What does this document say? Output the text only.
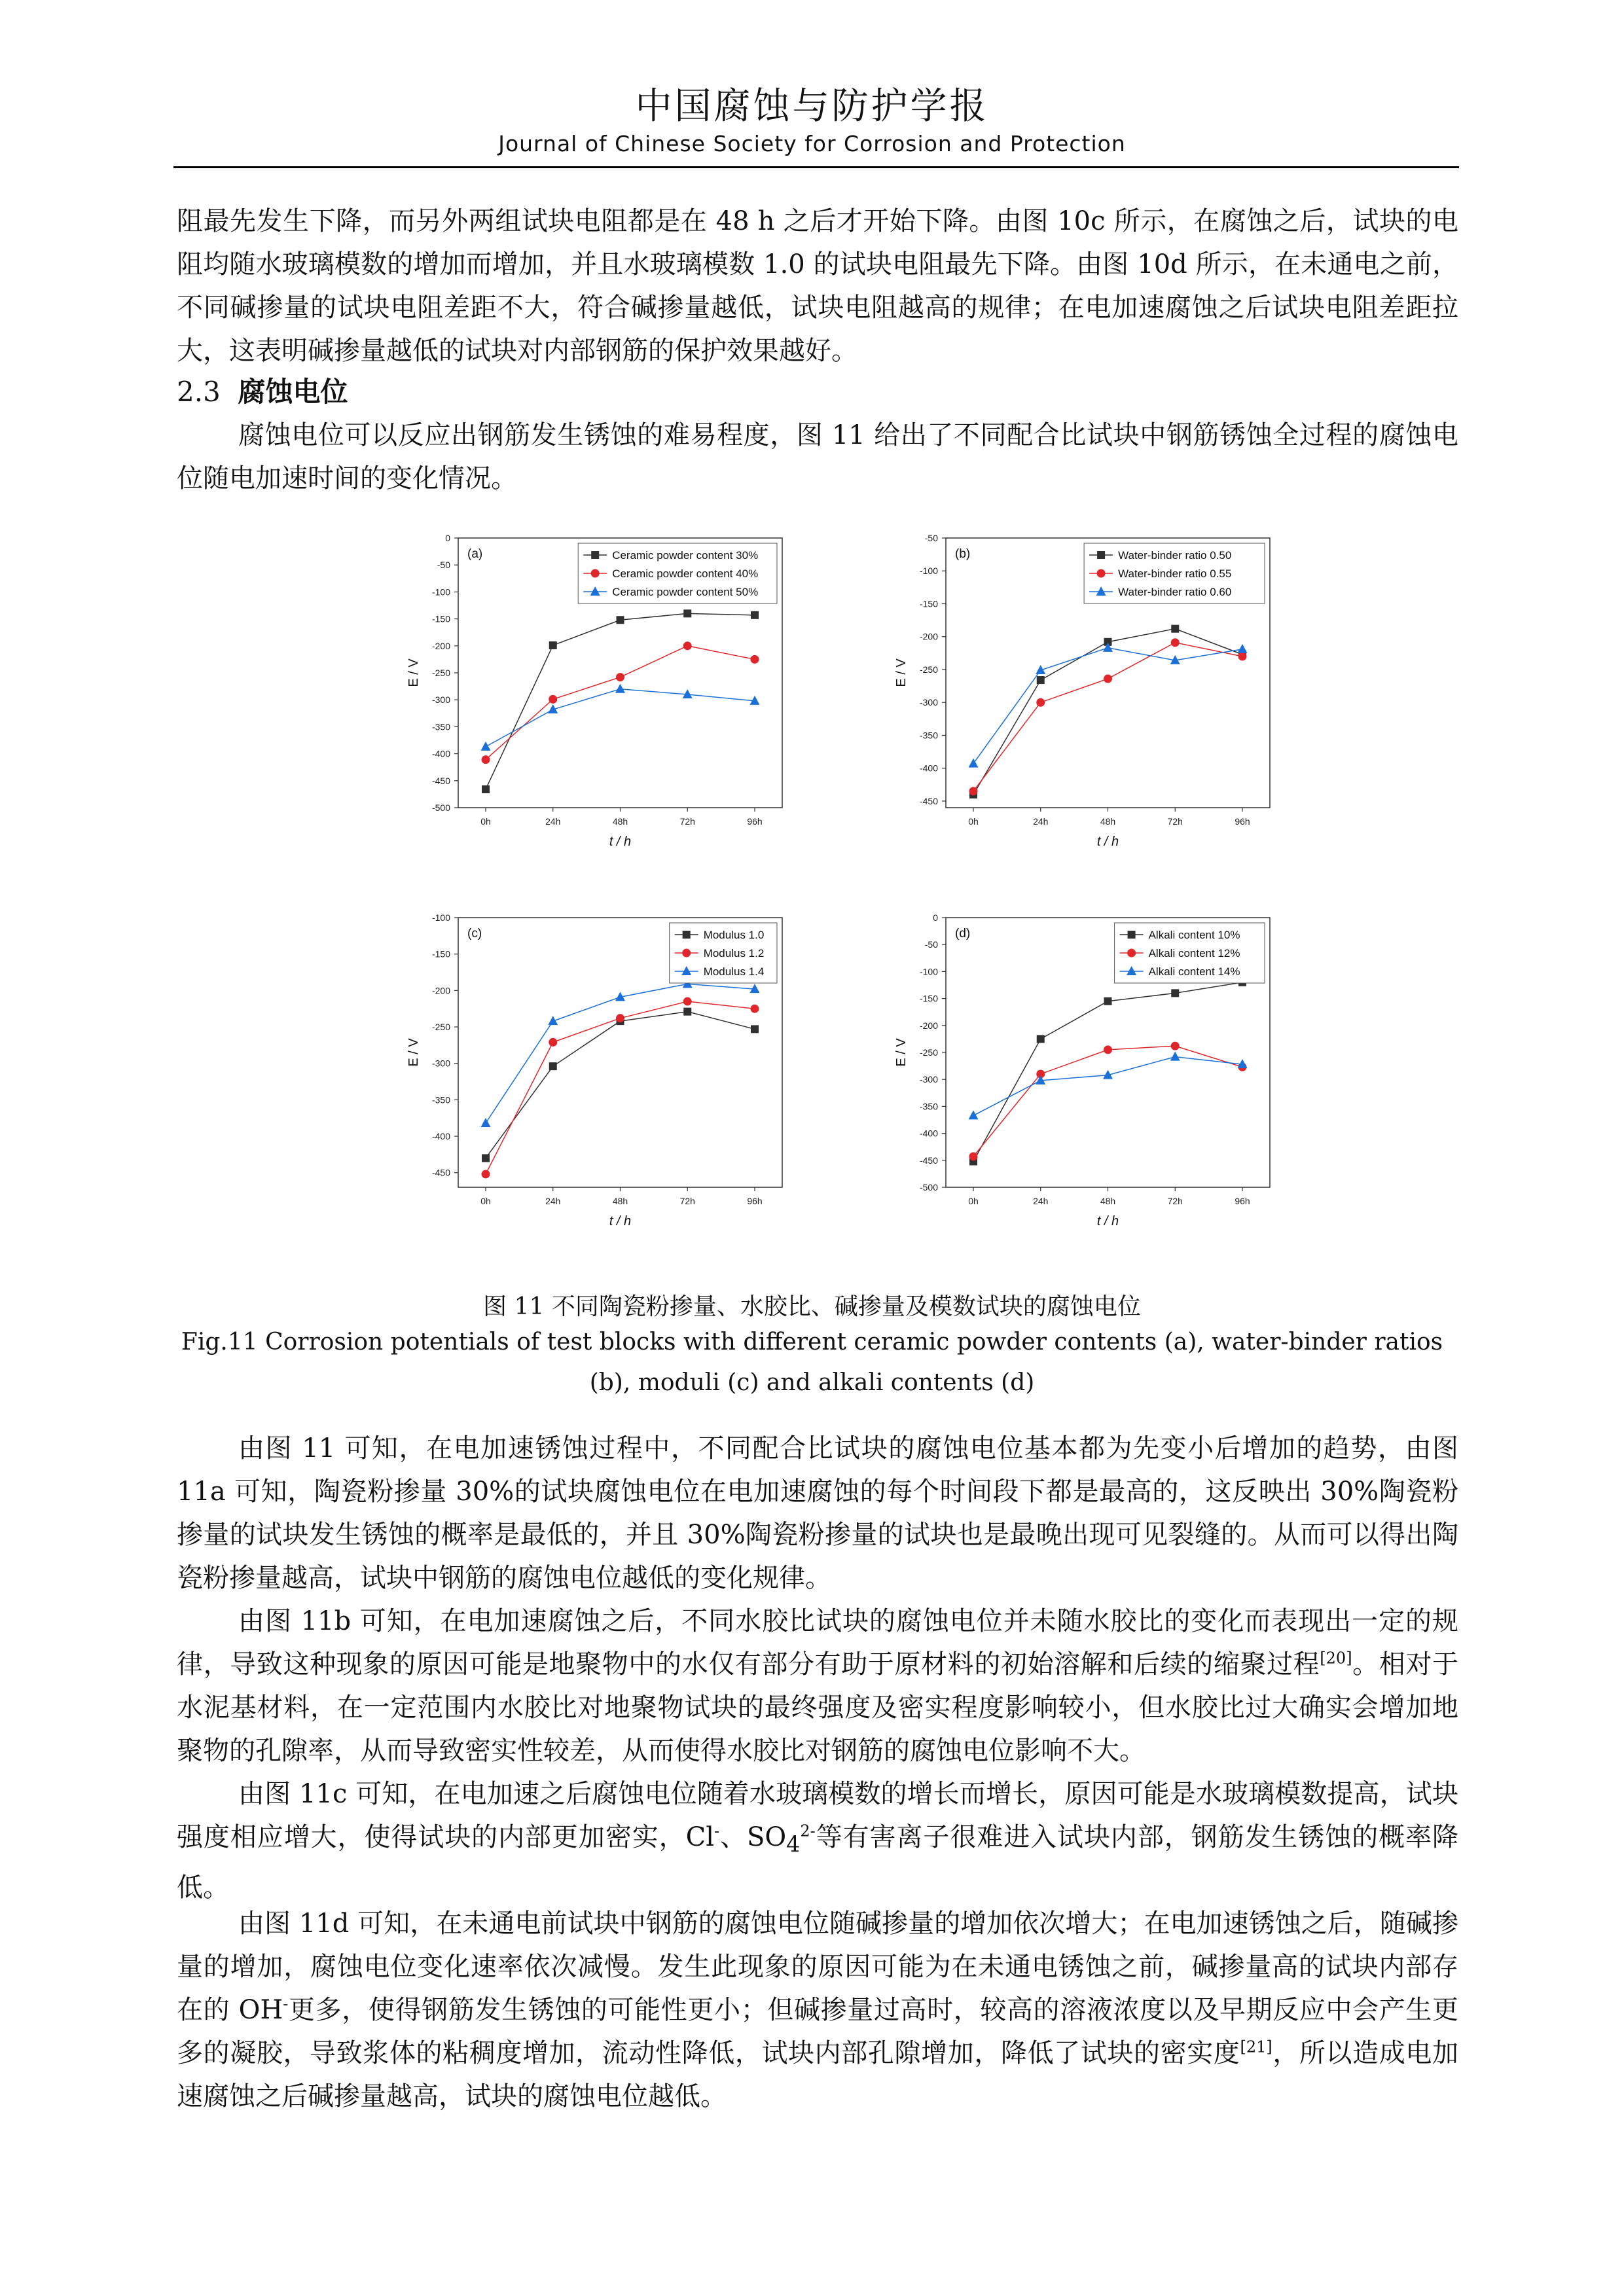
中国腐蚀与防护学报
Journal of Chinese Society for Corrosion and Protection

阻最先发生下降，而另外两组试块电阻都是在 48 h 之后才开始下降。由图 10c 所示，在腐蚀之后，试块的电阻均随水玻璃模数的增加而增加，并且水玻璃模数 1.0 的试块电阻最先下降。由图 10d 所示，在未通电之前，不同碱掺量的试块电阻差距不大，符合碱掺量越低，试块电阻越高的规律；在电加速腐蚀之后试块电阻差距拉大，这表明碱掺量越低的试块对内部钢筋的保护效果越好。

2.3 腐蚀电位

腐蚀电位可以反应出钢筋发生锈蚀的难易程度，图 11 给出了不同配合比试块中钢筋锈蚀全过程的腐蚀电位随电加速时间的变化情况。

0
-50
-100
-150
-200
-250
-300
-350
-400
-450
-500
0h	24h	48h	72h	96h
t / h
E / V
(a)	Ceramic powder content 30%
Ceramic powder content 40%
Ceramic powder content 50%
-50
-100
-150
-200
-250
-300
-350
-400
-450
0h	24h	48h	72h	96h
t / h
E / V
(b)	Water-binder ratio 0.50
Water-binder ratio 0.55
Water-binder ratio 0.60
-100
-150
-200
-250
-300
-350
-400
-450
0h	24h	48h	72h	96h
t / h
E / V
(c)	Modulus 1.0
Modulus 1.2
Modulus 1.4
0
-50
-100
-150
-200
-250
-300
-350
-400
-450
-500
0h	24h	48h	72h	96h
t / h
E / V
(d)	Alkali content 10%
Alkali content 12%
Alkali content 14%
图 11 不同陶瓷粉掺量、水胶比、碱掺量及模数试块的腐蚀电位
Fig.11 Corrosion potentials of test blocks with different ceramic powder contents (a), water-binder ratios
(b), moduli (c) and alkali contents (d)

由图 11 可知，在电加速锈蚀过程中，不同配合比试块的腐蚀电位基本都为先变小后增加的趋势，由图 11a 可知，陶瓷粉掺量 30%的试块腐蚀电位在电加速腐蚀的每个时间段下都是最高的，这反映出 30%陶瓷粉掺量的试块发生锈蚀的概率是最低的，并且 30%陶瓷粉掺量的试块也是最晚出现可见裂缝的。从而可以得出陶瓷粉掺量越高，试块中钢筋的腐蚀电位越低的变化规律。

由图 11b 可知，在电加速腐蚀之后，不同水胶比试块的腐蚀电位并未随水胶比的变化而表现出一定的规律，导致这种现象的原因可能是地聚物中的水仅有部分有助于原材料的初始溶解和后续的缩聚过程[20]。相对于水泥基材料，在一定范围内水胶比对地聚物试块的最终强度及密实程度影响较小，但水胶比过大确实会增加地聚物的孔隙率，从而导致密实性较差，从而使得水胶比对钢筋的腐蚀电位影响不大。

由图 11c 可知，在电加速之后腐蚀电位随着水玻璃模数的增长而增长，原因可能是水玻璃模数提高，试块强度相应增大，使得试块的内部更加密实，Cl-、$SO_4^{2-}$等有害离子很难进入试块内部，钢筋发生锈蚀的概率降低。

由图 11d 可知，在未通电前试块中钢筋的腐蚀电位随碱掺量的增加依次增大；在电加速锈蚀之后，随碱掺量的增加，腐蚀电位变化速率依次减慢。发生此现象的原因可能为在未通电锈蚀之前，碱掺量高的试块内部存在的 OH-更多，使得钢筋发生锈蚀的可能性更小；但碱掺量过高时，较高的溶液浓度以及早期反应中会产生更多的凝胶，导致浆体的粘稠度增加，流动性降低，试块内部孔隙增加，降低了试块的密实度[21]，所以造成电加速腐蚀之后碱掺量越高，试块的腐蚀电位越低。
